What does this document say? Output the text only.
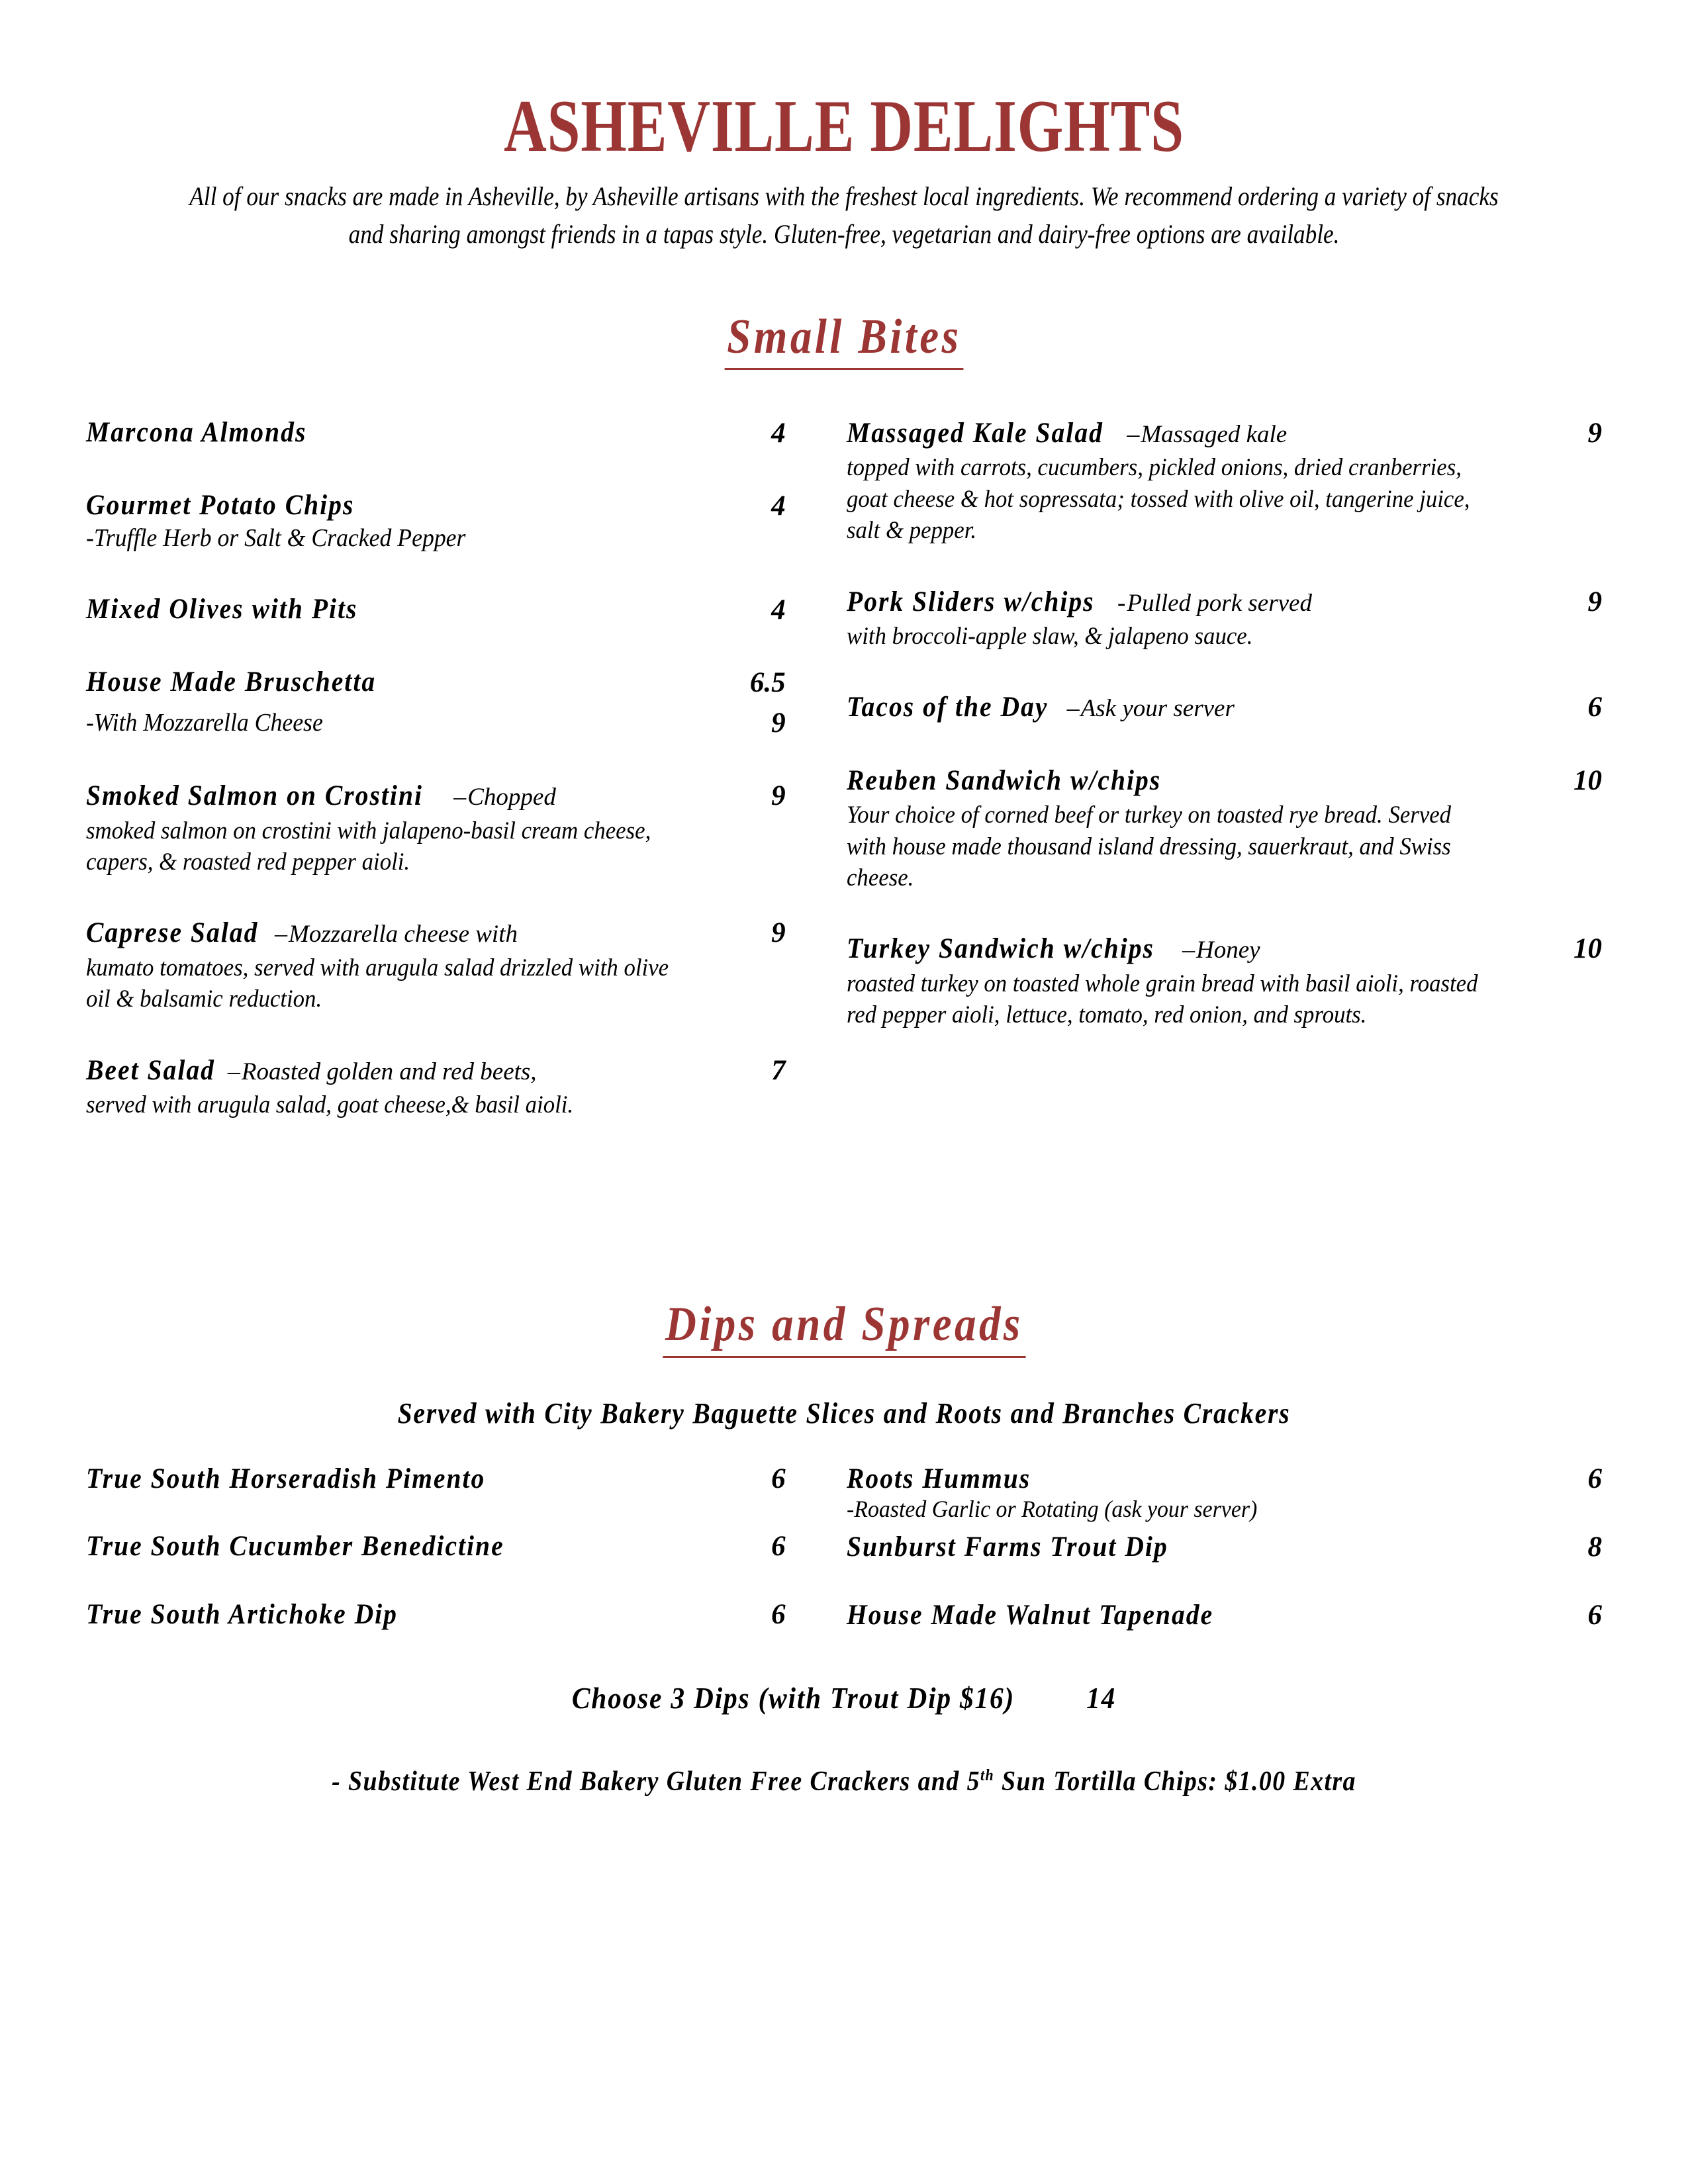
ASHEVILLE DELIGHTS

All of our snacks are made in Asheville, by Asheville artisans with the freshest local ingredients. We recommend ordering a variety of snacks and sharing amongst friends in a tapas style. Gluten-free, vegetarian and dairy-free options are available.

Small Bites
Marcona Almonds	4
Gourmet Potato Chips
-Truffle Herb or Salt & Cracked Pepper
4
Mixed Olives with Pits	4
House Made Bruschetta	6.5
-With Mozzarella Cheese	9
Smoked Salmon on Crostini –Chopped
smoked salmon on crostini with jalapeno-basil cream cheese, capers, & roasted red pepper aioli.
9
Caprese Salad –Mozzarella cheese with
kumato tomatoes, served with arugula salad drizzled with olive oil & balsamic reduction.
9
Beet Salad –Roasted golden and red beets,
served with arugula salad, goat cheese,& basil aioli.
7
Massaged Kale Salad –Massaged kale
topped with carrots, cucumbers, pickled onions, dried cranberries, goat cheese & hot sopressata; tossed with olive oil, tangerine juice, salt & pepper.
9
Pork Sliders w/chips -Pulled pork served
with broccoli-apple slaw, & jalapeno sauce.
9
Tacos of the Day –Ask your server	6
Reuben Sandwich w/chips
Your choice of corned beef or turkey on toasted rye bread. Served with house made thousand island dressing, sauerkraut, and Swiss cheese.
10
Turkey Sandwich w/chips –Honey
roasted turkey on toasted whole grain bread with basil aioli, roasted red pepper aioli, lettuce, tomato, red onion, and sprouts.
10
Dips and Spreads

Served with City Bakery Baguette Slices and Roots and Branches Crackers

True South Horseradish Pimento	6
True South Cucumber Benedictine	6
True South Artichoke Dip	6
Roots Hummus	6
-Roasted Garlic or Rotating (ask your server)
Sunburst Farms Trout Dip	8
House Made Walnut Tapenade	6

Choose 3 Dips (with Trout Dip $16) 14

- Substitute West End Bakery Gluten Free Crackers and 5th Sun Tortilla Chips: $1.00 Extra
